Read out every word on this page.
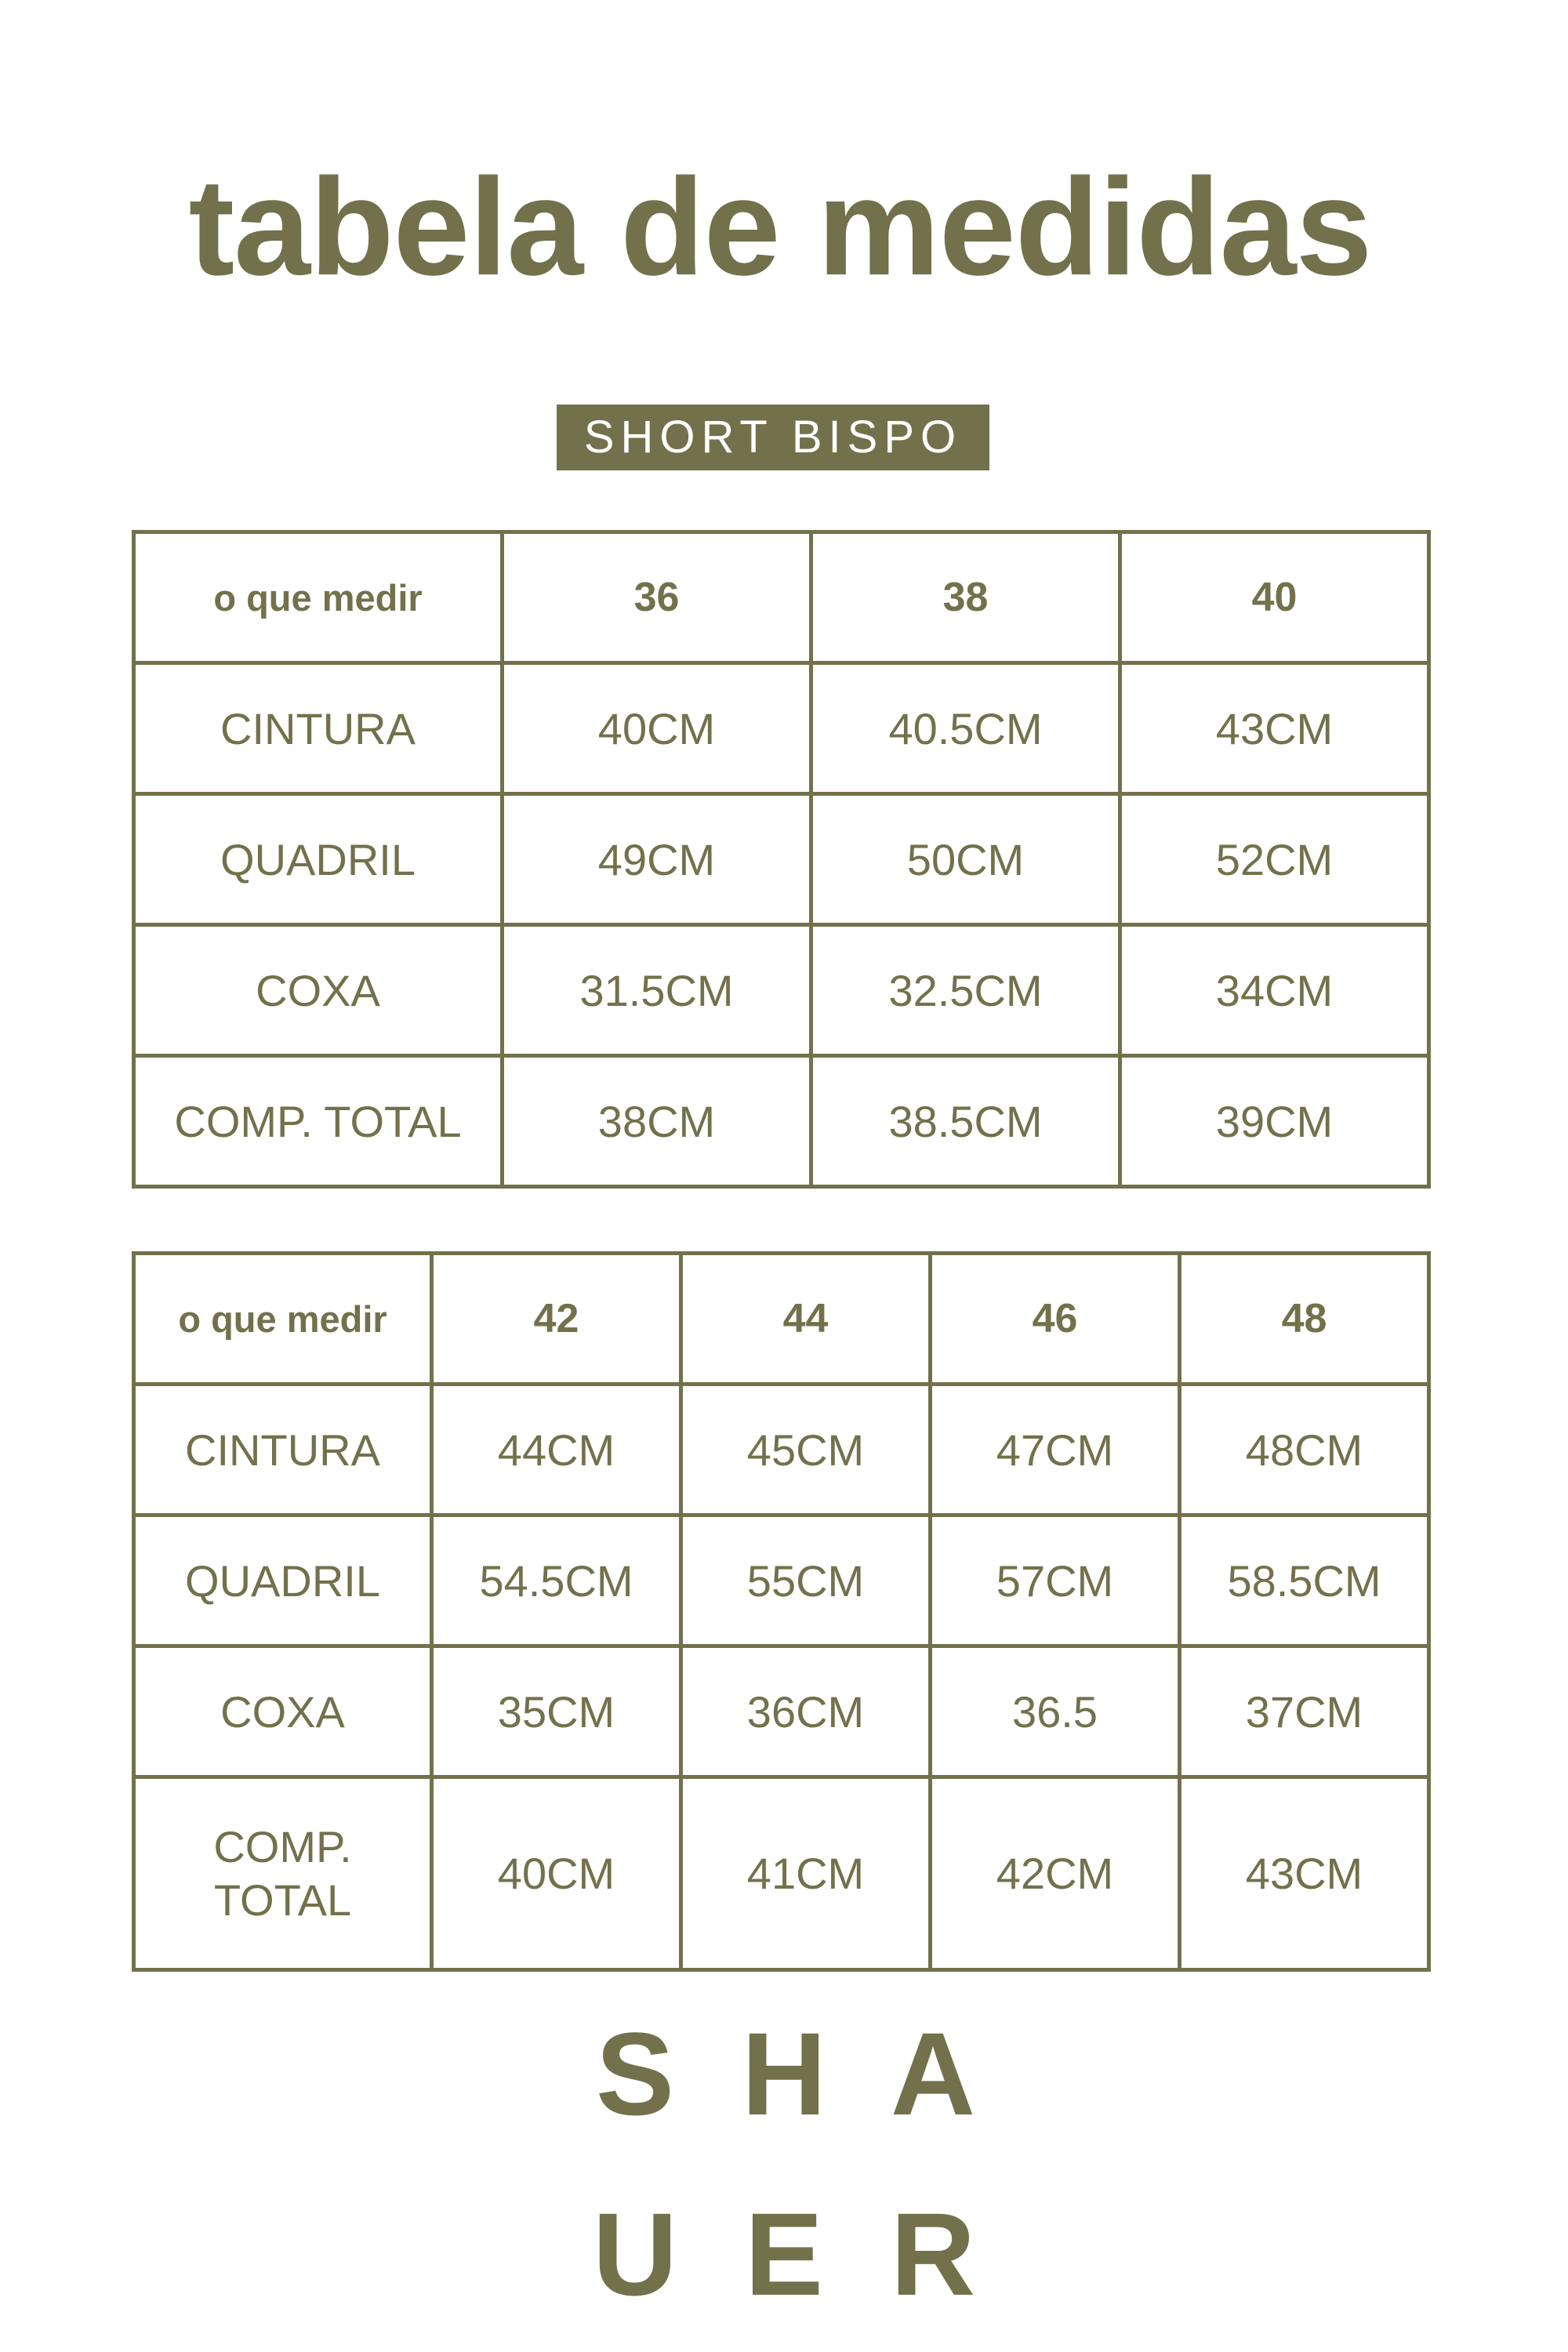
tabela de medidas
SHORT BISPO
o que medir	36	38	40
CINTURA	40CM	40.5CM	43CM
QUADRIL	49CM	50CM	52CM
COXA	31.5CM	32.5CM	34CM
COMP. TOTAL	38CM	38.5CM	39CM
o que medir	42	44	46	48
CINTURA	44CM	45CM	47CM	48CM
QUADRIL	54.5CM	55CM	57CM	58.5CM
COXA	35CM	36CM	36.5	37CM
COMP. TOTAL	40CM	41CM	42CM	43CM
S H A
U E R
